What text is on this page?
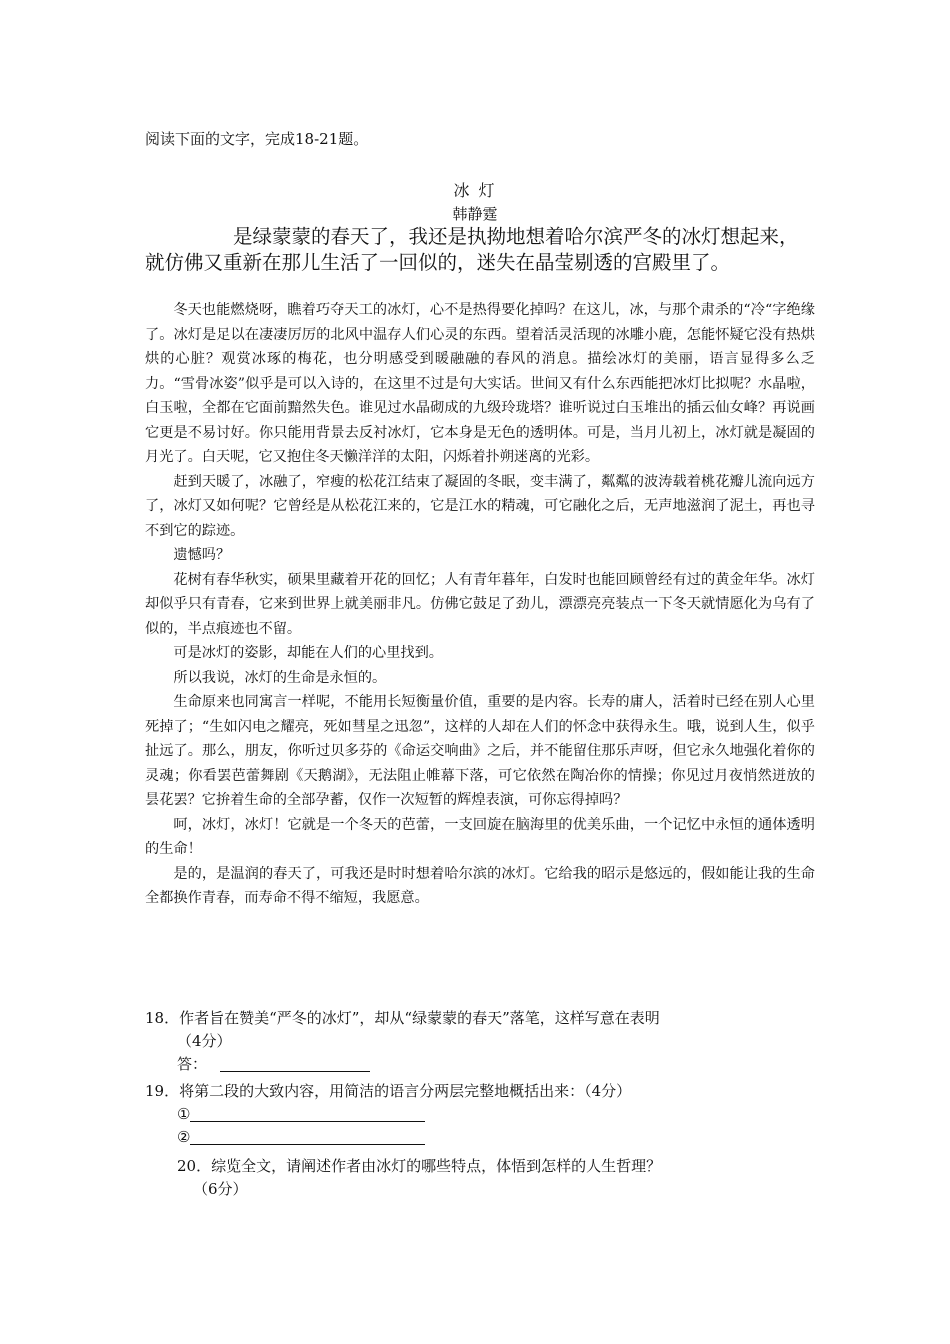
阅读下面的文字，完成18-21题。
冰 灯
韩静霆
是绿蒙蒙的春天了，我还是执拗地想着哈尔滨严冬的冰灯想起来，就仿佛又重新在那儿生活了一回似的，迷失在晶莹剔透的宫殿里了。

冬天也能燃烧呀，瞧着巧夺天工的冰灯，心不是热得要化掉吗？在这儿，冰，与那个肃杀的“冷“字绝缘了。冰灯是足以在凄凄厉厉的北风中温存人们心灵的东西。望着活灵活现的冰雕小鹿，怎能怀疑它没有热烘烘的心脏？观赏冰琢的梅花，也分明感受到暖融融的春风的消息。描绘冰灯的美丽，语言显得多么乏力。“雪骨冰姿”似乎是可以入诗的，在这里不过是句大实话。世间又有什么东西能把冰灯比拟呢？水晶啦，白玉啦，全都在它面前黯然失色。谁见过水晶砌成的九级玲珑塔？谁听说过白玉堆出的插云仙女峰？再说画它更是不易讨好。你只能用背景去反衬冰灯，它本身是无色的透明体。可是，当月儿初上，冰灯就是凝固的月光了。白天呢，它又抱住冬天懒洋洋的太阳，闪烁着扑朔迷离的光彩。

赶到天暖了，冰融了，窄瘦的松花江结束了凝固的冬眠，变丰满了，粼粼的波涛载着桃花瓣儿流向远方了，冰灯又如何呢？它曾经是从松花江来的，它是江水的精魂，可它融化之后，无声地滋润了泥土，再也寻不到它的踪迹。

遗憾吗？

花树有春华秋实，硕果里藏着开花的回忆；人有青年暮年，白发时也能回顾曾经有过的黄金年华。冰灯却似乎只有青春，它来到世界上就美丽非凡。仿佛它鼓足了劲儿，漂漂亮亮装点一下冬天就情愿化为乌有了似的，半点痕迹也不留。

可是冰灯的姿影，却能在人们的心里找到。

所以我说，冰灯的生命是永恒的。

生命原来也同寓言一样呢，不能用长短衡量价值，重要的是内容。长寿的庸人，活着时已经在别人心里死掉了；“生如闪电之耀亮，死如彗星之迅忽”，这样的人却在人们的怀念中获得永生。哦，说到人生，似乎扯远了。那么，朋友，你听过贝多芬的《命运交响曲》之后，并不能留住那乐声呀，但它永久地强化着你的灵魂；你看罢芭蕾舞剧《天鹅湖》，无法阻止帷幕下落，可它依然在陶冶你的情操；你见过月夜悄然迸放的昙花罢？它拚着生命的全部孕蓄，仅作一次短暂的辉煌表演，可你忘得掉吗？

呵，冰灯，冰灯！它就是一个冬天的芭蕾，一支回旋在脑海里的优美乐曲，一个记忆中永恒的通体透明的生命！

是的，是温润的春天了，可我还是时时想着哈尔滨的冰灯。它给我的昭示是悠远的，假如能让我的生命全都换作青春，而寿命不得不缩短，我愿意。

18．作者旨在赞美“严冬的冰灯”，却从“绿蒙蒙的春天”落笔，这样写意在表明
（4分）
答：
19．将第二段的大致内容，用简洁的语言分两层完整地概括出来：（4分）
①
②
20．综览全文，请阐述作者由冰灯的哪些特点，体悟到怎样的人生哲理？
（6分）
